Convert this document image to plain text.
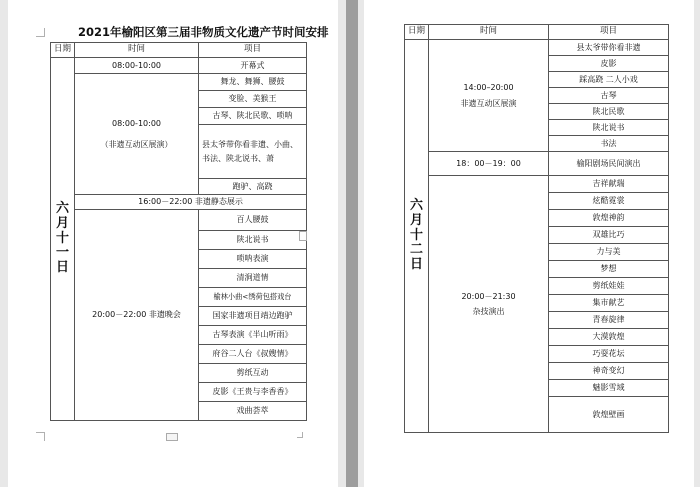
2021年榆阳区第三届非物质文化遗产节时间安排
日期	时间	项目

六
月
十
一
日	08:00-10:00	开幕式

	08:00-10:00
（非遗互动区展演）	舞龙、舞狮、腰鼓
		变脸、美猴王
		古琴、陕北民歌、唢呐
		县太爷带你看非遗、小曲、书法、陕北说书、萧
		跑驴、高跷
	16:00－22:00 非遗静态展示	
	20:00－22:00 非遗晚会	百人腰鼓
		陕北说书
		唢呐表演
		清涧道情
		榆林小曲<绣荷包搭戏台
		国家非遗项目靖边跑驴
		古琴表演《半山听雨》
		府谷二人台《叔嫂情》
		剪纸互动
		皮影《王贵与李香香》
		戏曲荟萃
日期	时间	项目

六
月
十
二
日	14:00–20:00
非遗互动区展演	县太爷带你看非遗
		皮影
		踩高跷 二人小戏
		古琴
		陕北民歌
		陕北说书
		书法
	18：00－19：00	榆阳剧场民间演出

	20:00－21:30
杂技演出	吉祥献瑞
		炫酷霓裳
		敦煌神韵
		双雄比巧
		力与美
		梦想
		剪纸娃娃
		集市献艺
		青春旋律
		大漠敦煌
		巧耍花坛
		神奇变幻
		魅影雪域
		敦煌壁画
